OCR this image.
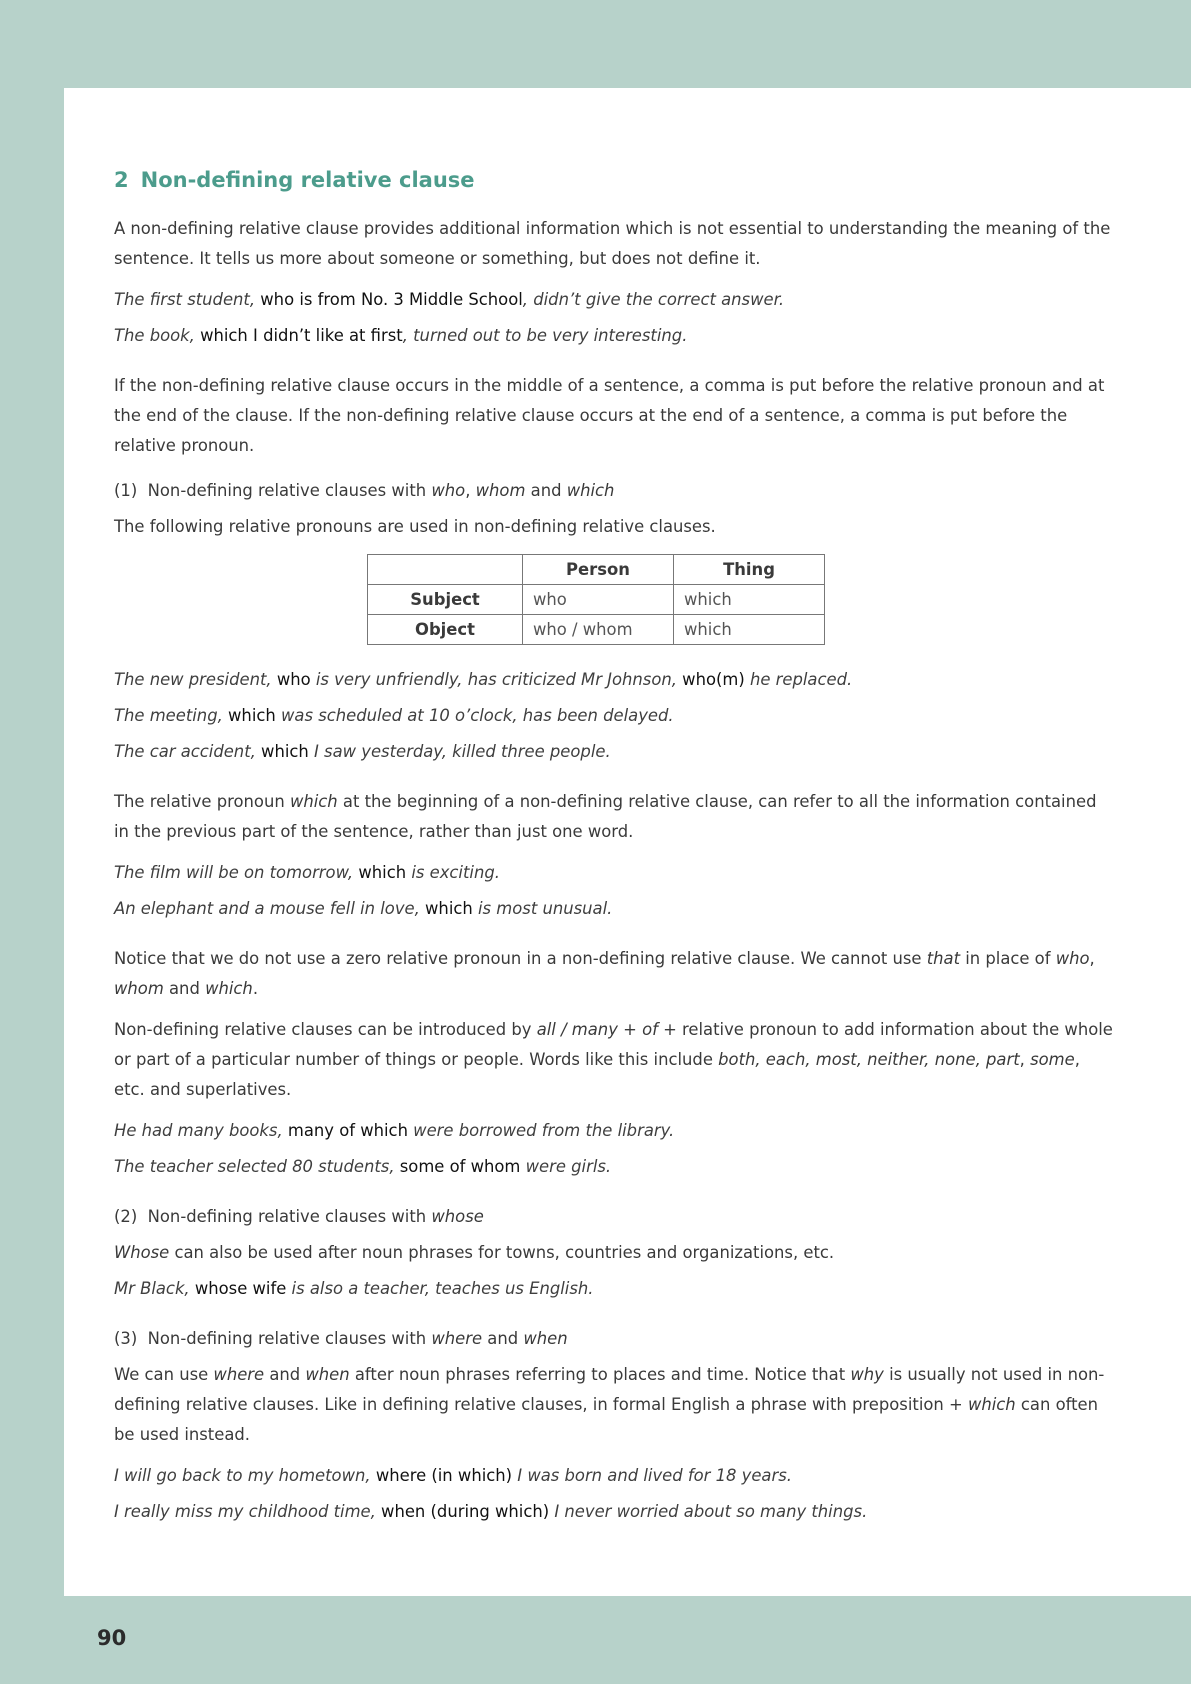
2 Non-defining relative clause

A non-defining relative clause provides additional information which is not essential to understanding the meaning of the sentence. It tells us more about someone or something, but does not define it.

The first student, who is from No. 3 Middle School, didn’t give the correct answer.

The book, which I didn’t like at first, turned out to be very interesting.

If the non-defining relative clause occurs in the middle of a sentence, a comma is put before the relative pronoun and at the end of the clause. If the non-defining relative clause occurs at the end of a sentence, a comma is put before the relative pronoun.

(1) Non-defining relative clauses with who, whom and which

The following relative pronouns are used in non-defining relative clauses.

	Person	Thing
Subject	who	which
Object	who / whom	which

The new president, who is very unfriendly, has criticized Mr Johnson, who(m) he replaced.

The meeting, which was scheduled at 10 o’clock, has been delayed.

The car accident, which I saw yesterday, killed three people.

The relative pronoun which at the beginning of a non-defining relative clause, can refer to all the information contained in the previous part of the sentence, rather than just one word.

The film will be on tomorrow, which is exciting.

An elephant and a mouse fell in love, which is most unusual.

Notice that we do not use a zero relative pronoun in a non-defining relative clause. We cannot use that in place of who, whom and which.

Non-defining relative clauses can be introduced by all / many + of + relative pronoun to add information about the whole or part of a particular number of things or people. Words like this include both, each, most, neither, none, part, some, etc. and superlatives.

He had many books, many of which were borrowed from the library.

The teacher selected 80 students, some of whom were girls.

(2) Non-defining relative clauses with whose

Whose can also be used after noun phrases for towns, countries and organizations, etc.

Mr Black, whose wife is also a teacher, teaches us English.

(3) Non-defining relative clauses with where and when

We can use where and when after noun phrases referring to places and time. Notice that why is usually not used in non-defining relative clauses. Like in defining relative clauses, in formal English a phrase with preposition + which can often be used instead.

I will go back to my hometown, where (in which) I was born and lived for 18 years.

I really miss my childhood time, when (during which) I never worried about so many things.

90
